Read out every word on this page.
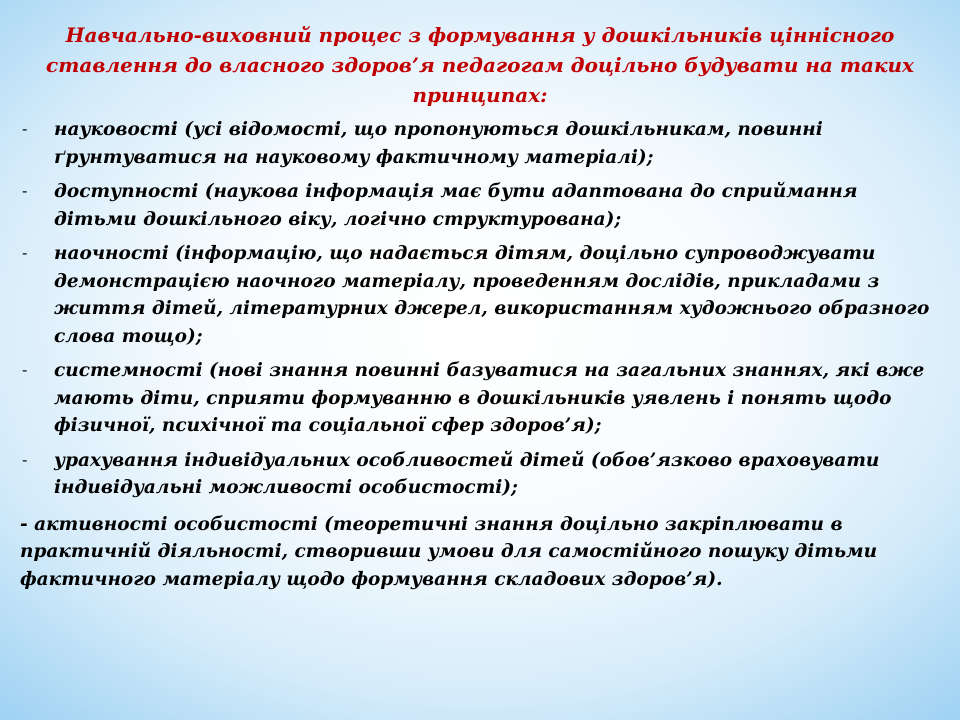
Навчально-виховний процес з формування у дошкільників ціннісного ставлення до власного здоров’я педагогам доцільно будувати на таких принципах:
- науковості (усі відомості, що пропонуються дошкільникам, повинні ґрунтуватися на науковому фактичному матеріалі);
- доступності (наукова інформація має бути адаптована до сприймання дітьми дошкільного віку, логічно структурована);
- наочності (інформацію, що надається дітям, доцільно супроводжувати демонстрацією наочного матеріалу, проведенням дослідів, прикладами з життя дітей, літературних джерел, використанням художнього образного слова тощо);
- системності (нові знання повинні базуватися на загальних знаннях, які вже мають діти, сприяти формуванню в дошкільників уявлень і понять щодо фізичної, психічної та соціальної сфер здоров’я);
- урахування індивідуальних особливостей дітей (обов’язково враховувати індивідуальні можливості особистості);
- активності особистості (теоретичні знання доцільно закріплювати в практичній діяльності, створивши умови для самостійного пошуку дітьми фактичного матеріалу щодо формування складових здоров’я).
